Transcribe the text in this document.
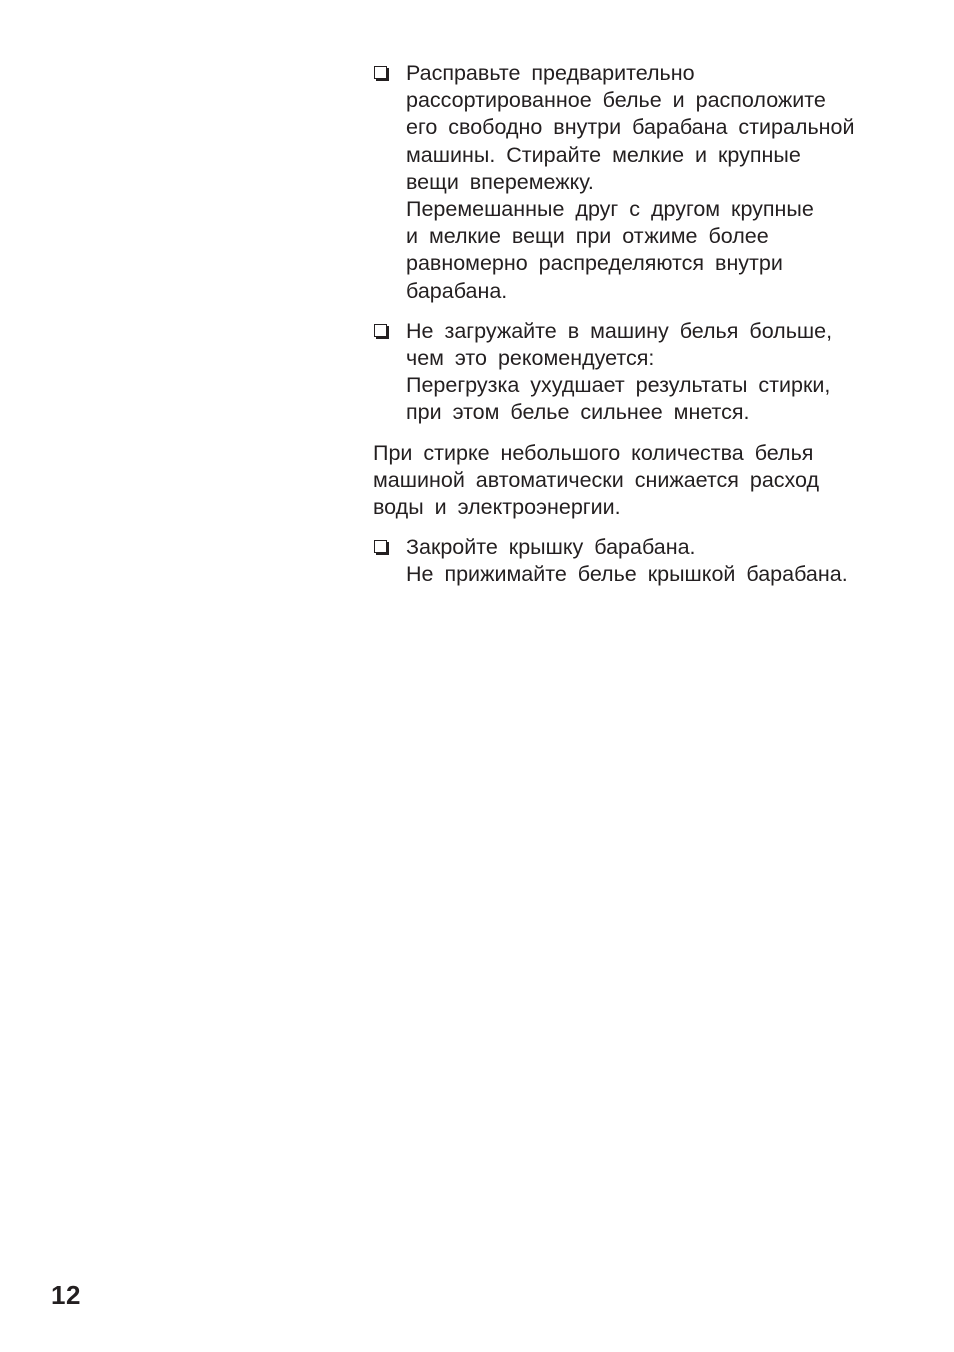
Расправьте предварительно
рассортированное белье и расположите
его свободно внутри барабана стиральной
машины. Стирайте мелкие и крупные
вещи вперемежку.
Перемешанные друг с другом крупные
и мелкие вещи при отжиме более
равномерно распределяются внутри
барабана.
Не загружайте в машину белья больше,
чем это рекомендуется:
Перегрузка ухудшает результаты стирки,
при этом белье сильнее мнется.
При стирке небольшого количества белья
машиной автоматически снижается расход
воды и электроэнергии.
Закройте крышку барабана.
Не прижимайте белье крышкой барабана.
12
